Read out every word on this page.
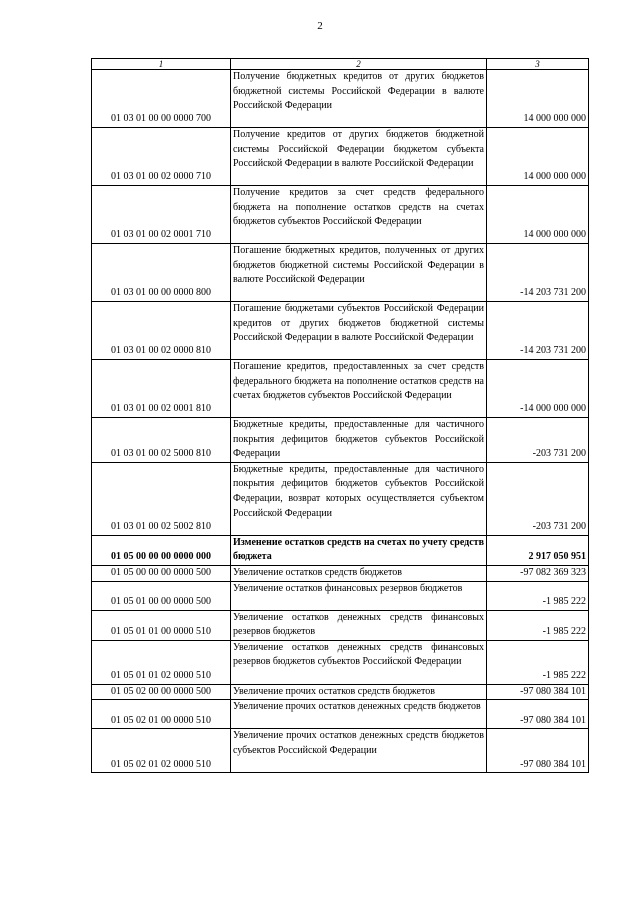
2
1	2	3
01 03 01 00 00 0000 700	Получение бюджетных кредитов от других бюджетов бюджетной системы Российской Федерации в валюте Российской Федерации	14 000 000 000
01 03 01 00 02 0000 710	Получение кредитов от других бюджетов бюджетной системы Российской Федерации бюджетом субъекта Российской Федерации в валюте Российской Федерации	14 000 000 000
01 03 01 00 02 0001 710	Получение кредитов за счет средств федерального бюджета на пополнение остатков средств на счетах бюджетов субъектов Российской Федерации	14 000 000 000
01 03 01 00 00 0000 800	Погашение бюджетных кредитов, полученных от других бюджетов бюджетной системы Российской Федерации в валюте Российской Федерации	-14 203 731 200
01 03 01 00 02 0000 810	Погашение бюджетами субъектов Российской Федерации кредитов от других бюджетов бюджетной системы Российской Федерации в валюте Российской Федерации	-14 203 731 200
01 03 01 00 02 0001 810	Погашение кредитов, предоставленных за счет средств федерального бюджета на пополнение остатков средств на счетах бюджетов субъектов Российской Федерации	-14 000 000 000
01 03 01 00 02 5000 810	Бюджетные кредиты, предоставленные для частичного покрытия дефицитов бюджетов субъектов Российской Федерации	-203 731 200
01 03 01 00 02 5002 810	Бюджетные кредиты, предоставленные для частичного покрытия дефицитов бюджетов субъектов Российской Федерации, возврат которых осуществляется субъектом Российской Федерации	-203 731 200
01 05 00 00 00 0000 000	Изменение остатков средств на счетах по учету средств бюджета	2 917 050 951
01 05 00 00 00 0000 500	Увеличение остатков средств бюджетов	-97 082 369 323
01 05 01 00 00 0000 500	Увеличение остатков финансовых резервов бюджетов	-1 985 222
01 05 01 01 00 0000 510	Увеличение остатков денежных средств финансовых резервов бюджетов	-1 985 222
01 05 01 01 02 0000 510	Увеличение остатков денежных средств финансовых резервов бюджетов субъектов Российской Федерации	-1 985 222
01 05 02 00 00 0000 500	Увеличение прочих остатков средств бюджетов	-97 080 384 101
01 05 02 01 00 0000 510	Увеличение прочих остатков денежных средств бюджетов	-97 080 384 101
01 05 02 01 02 0000 510	Увеличение прочих остатков денежных средств бюджетов субъектов Российской Федерации	-97 080 384 101
